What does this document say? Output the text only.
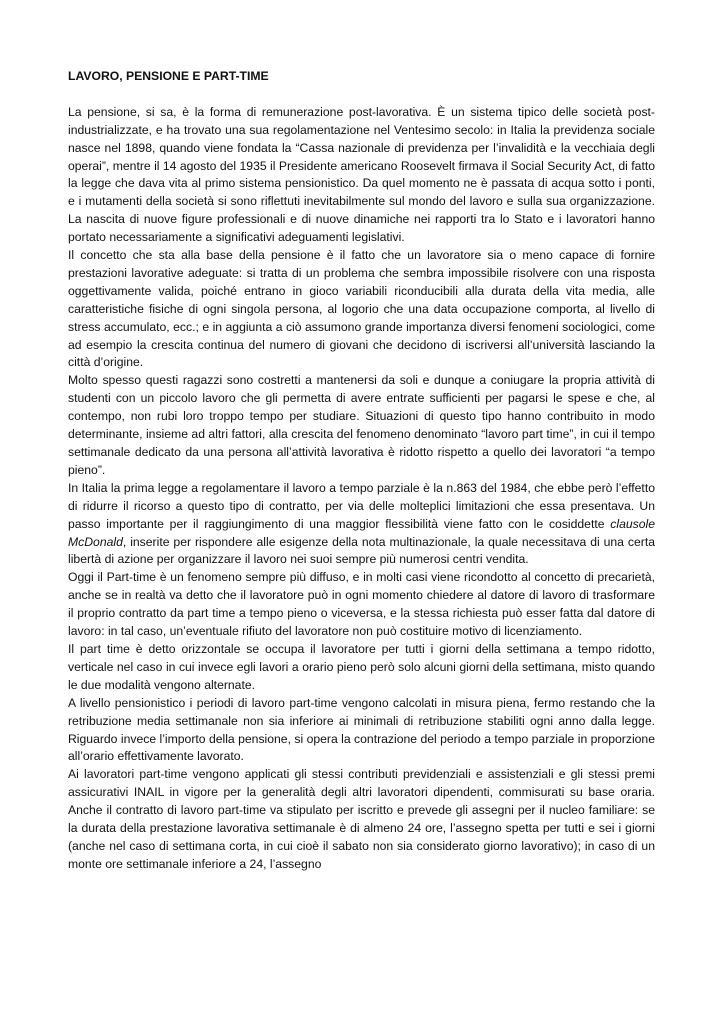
LAVORO, PENSIONE E PART-TIME

La pensione, si sa, è la forma di remunerazione post-lavorativa. È un sistema tipico delle società post-industrializzate, e ha trovato una sua regolamentazione nel Ventesimo secolo: in Italia la previdenza sociale nasce nel 1898, quando viene fondata la “Cassa nazionale di previdenza per l’invalidità e la vecchiaia degli operai”, mentre il 14 agosto del 1935 il Presidente americano Roosevelt firmava il Social Security Act, di fatto la legge che dava vita al primo sistema pensionistico. Da quel momento ne è passata di acqua sotto i ponti, e i mutamenti della società si sono riflettuti inevitabilmente sul mondo del lavoro e sulla sua organizzazione. La nascita di nuove figure professionali e di nuove dinamiche nei rapporti tra lo Stato e i lavoratori hanno portato necessariamente a significativi adeguamenti legislativi.

Il concetto che sta alla base della pensione è il fatto che un lavoratore sia o meno capace di fornire prestazioni lavorative adeguate: si tratta di un problema che sembra impossibile risolvere con una risposta oggettivamente valida, poiché entrano in gioco variabili riconducibili alla durata della vita media, alle caratteristiche fisiche di ogni singola persona, al logorio che una data occupazione comporta, al livello di stress accumulato, ecc.; e in aggiunta a ciò assumono grande importanza diversi fenomeni sociologici, come ad esempio la crescita continua del numero di giovani che decidono di iscriversi all’università lasciando la città d’origine.

Molto spesso questi ragazzi sono costretti a mantenersi da soli e dunque a coniugare la propria attività di studenti con un piccolo lavoro che gli permetta di avere entrate sufficienti per pagarsi le spese e che, al contempo, non rubi loro troppo tempo per studiare. Situazioni di questo tipo hanno contribuito in modo determinante, insieme ad altri fattori, alla crescita del fenomeno denominato “lavoro part time”, in cui il tempo settimanale dedicato da una persona all’attività lavorativa è ridotto rispetto a quello dei lavoratori “a tempo pieno”.

In Italia la prima legge a regolamentare il lavoro a tempo parziale è la n.863 del 1984, che ebbe però l’effetto di ridurre il ricorso a questo tipo di contratto, per via delle molteplici limitazioni che essa presentava. Un passo importante per il raggiungimento di una maggior flessibilità viene fatto con le cosiddette clausole McDonald, inserite per rispondere alle esigenze della nota multinazionale, la quale necessitava di una certa libertà di azione per organizzare il lavoro nei suoi sempre più numerosi centri vendita.

Oggi il Part-time è un fenomeno sempre più diffuso, e in molti casi viene ricondotto al concetto di precarietà, anche se in realtà va detto che il lavoratore può in ogni momento chiedere al datore di lavoro di trasformare il proprio contratto da part time a tempo pieno o viceversa, e la stessa richiesta può esser fatta dal datore di lavoro: in tal caso, un’eventuale rifiuto del lavoratore non può costituire motivo di licenziamento.

Il part time è detto orizzontale se occupa il lavoratore per tutti i giorni della settimana a tempo ridotto, verticale nel caso in cui invece egli lavori a orario pieno però solo alcuni giorni della settimana, misto quando le due modalità vengono alternate.

A livello pensionistico i periodi di lavoro part-time vengono calcolati in misura piena, fermo restando che la retribuzione media settimanale non sia inferiore ai minimali di retribuzione stabiliti ogni anno dalla legge. Riguardo invece l’importo della pensione, si opera la contrazione del periodo a tempo parziale in proporzione all’orario effettivamente lavorato.

Ai lavoratori part-time vengono applicati gli stessi contributi previdenziali e assistenziali e gli stessi premi assicurativi INAIL in vigore per la generalità degli altri lavoratori dipendenti, commisurati su base oraria. Anche il contratto di lavoro part-time va stipulato per iscritto e prevede gli assegni per il nucleo familiare: se la durata della prestazione lavorativa settimanale è di almeno 24 ore, l’assegno spetta per tutti e sei i giorni (anche nel caso di settimana corta, in cui cioè il sabato non sia considerato giorno lavorativo); in caso di un monte ore settimanale inferiore a 24, l’assegno
